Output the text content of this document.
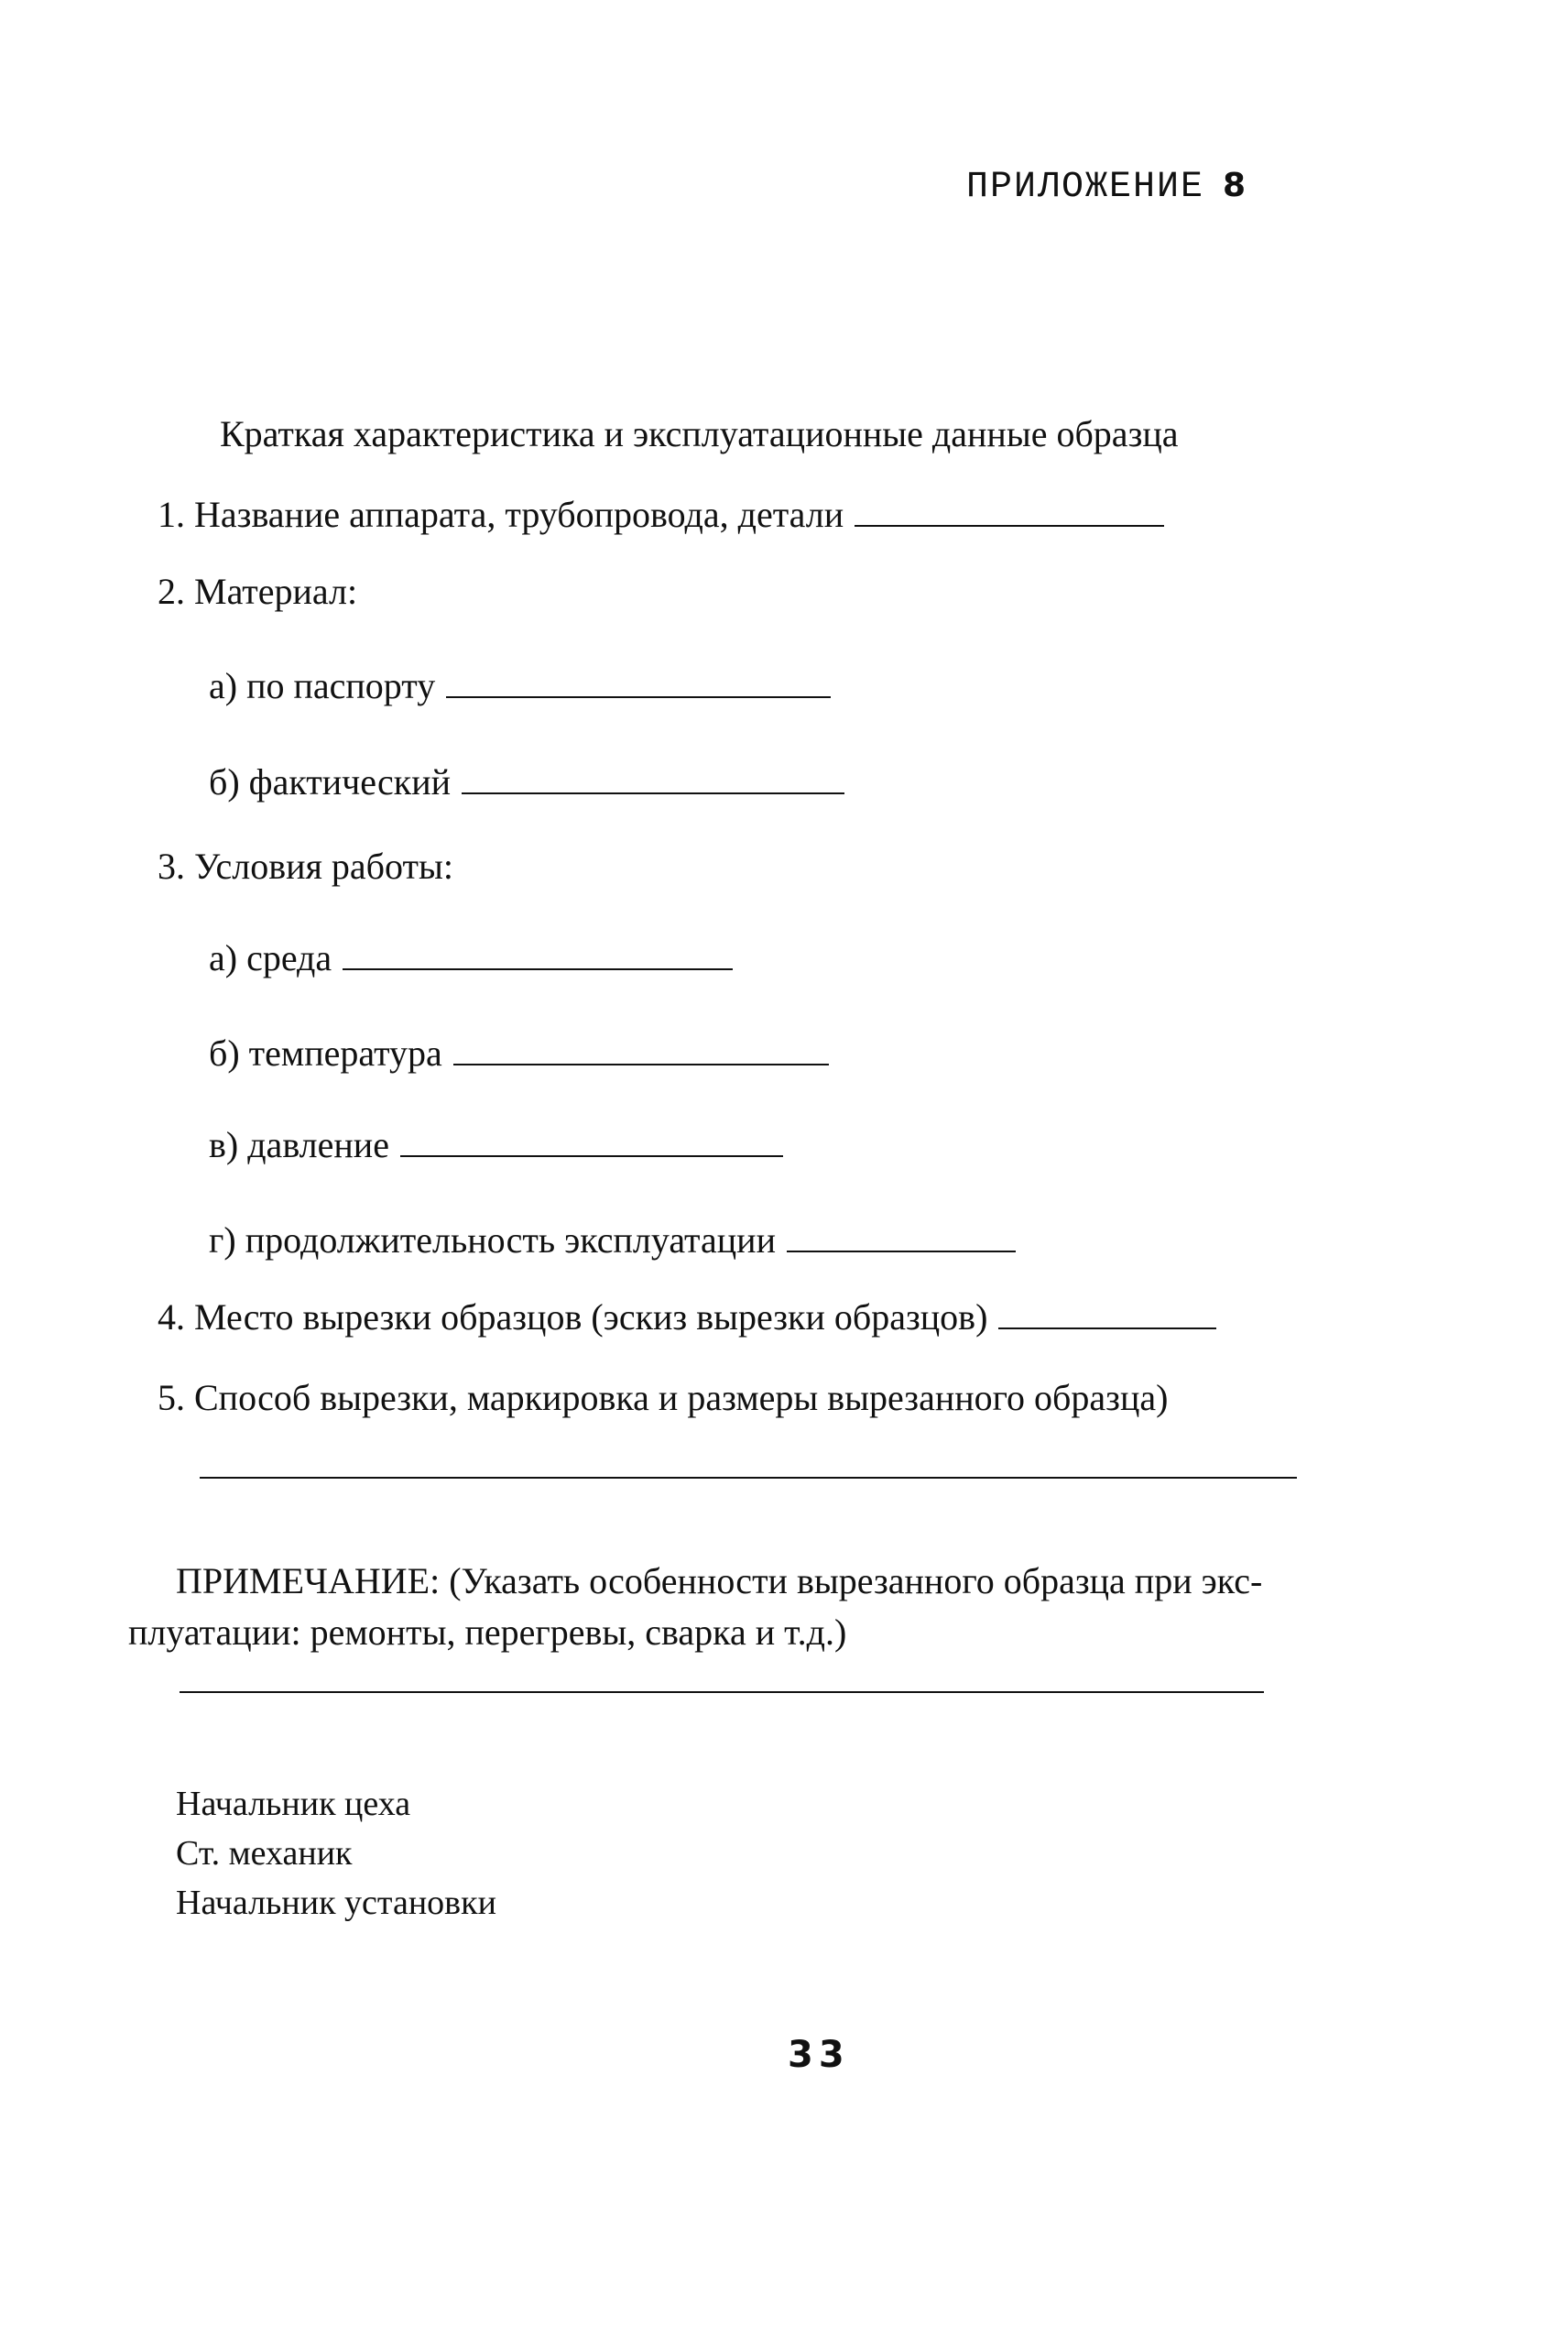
ПРИЛОЖЕНИЕ 8
Краткая характеристика и эксплуатационные данные образца
1. Название аппарата, трубопровода, детали
2. Материал:
а) по паспорту
б) фактический
3. Условия работы:
а) среда
б) температура
в) давление
г) продолжительность эксплуатации
4. Место вырезки образцов (эскиз вырезки образцов)
5. Способ вырезки, маркировка и размеры вырезанного образца)
ПРИМЕЧАНИЕ: (Указать особенности вырезанного образца при экс-
плуатации: ремонты, перегревы, сварка и т.д.)
Начальник цеха
Ст. механик
Начальник установки
33
